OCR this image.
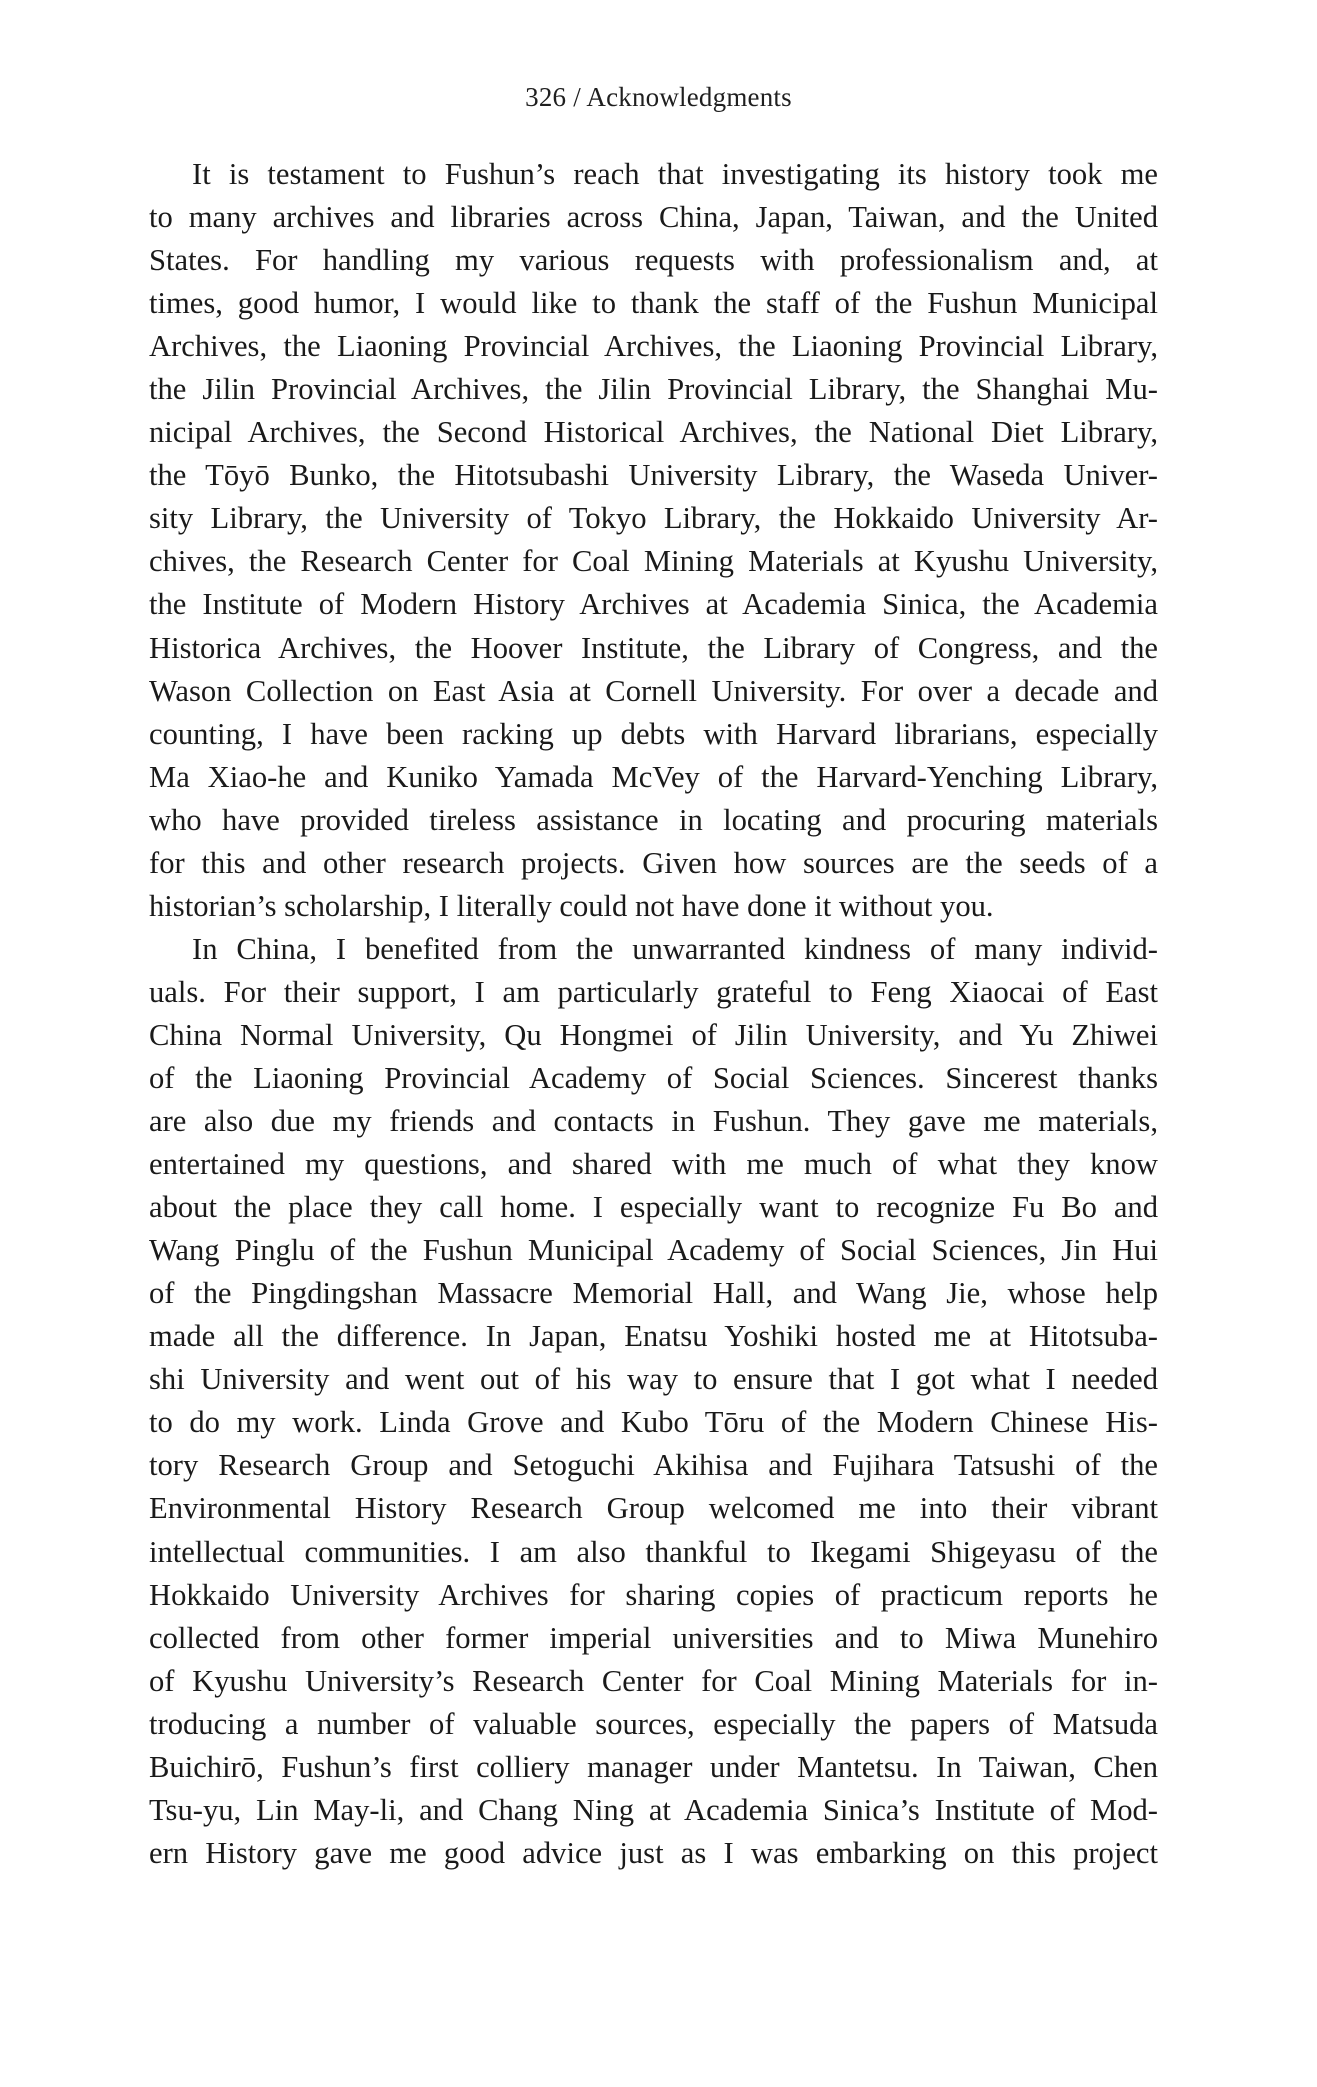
326 / Acknowledgments

It is testament to Fushun’s reach that investigating its history took me
to many archives and libraries across China, Japan, Taiwan, and the United
States. For handling my various requests with professionalism and, at
times, good humor, I would like to thank the staff of the Fushun Municipal
Archives, the Liaoning Provincial Archives, the Liaoning Provincial Library,
the Jilin Provincial Archives, the Jilin Provincial Library, the Shanghai Mu-
nicipal Archives, the Second Historical Archives, the National Diet Library,
the Tōyō Bunko, the Hitotsubashi University Library, the Waseda Univer-
sity Library, the University of Tokyo Library, the Hokkaido University Ar-
chives, the Research Center for Coal Mining Materials at Kyushu University,
the Institute of Modern History Archives at Academia Sinica, the Academia
Historica Archives, the Hoover Institute, the Library of Congress, and the
Wason Collection on East Asia at Cornell University. For over a decade and
counting, I have been racking up debts with Harvard librarians, especially
Ma Xiao-he and Kuniko Yamada McVey of the Harvard-Yenching Library,
who have provided tireless assistance in locating and procuring materials
for this and other research projects. Given how sources are the seeds of a
historian’s scholarship, I literally could not have done it without you.
In China, I benefited from the unwarranted kindness of many individ-
uals. For their support, I am particularly grateful to Feng Xiaocai of East
China Normal University, Qu Hongmei of Jilin University, and Yu Zhiwei
of the Liaoning Provincial Academy of Social Sciences. Sincerest thanks
are also due my friends and contacts in Fushun. They gave me materials,
entertained my questions, and shared with me much of what they know
about the place they call home. I especially want to recognize Fu Bo and
Wang Pinglu of the Fushun Municipal Academy of Social Sciences, Jin Hui
of the Pingdingshan Massacre Memorial Hall, and Wang Jie, whose help
made all the difference. In Japan, Enatsu Yoshiki hosted me at Hitotsuba-
shi University and went out of his way to ensure that I got what I needed
to do my work. Linda Grove and Kubo Tōru of the Modern Chinese His-
tory Research Group and Setoguchi Akihisa and Fujihara Tatsushi of the
Environmental History Research Group welcomed me into their vibrant
intellectual communities. I am also thankful to Ikegami Shigeyasu of the
Hokkaido University Archives for sharing copies of practicum reports he
collected from other former imperial universities and to Miwa Munehiro
of Kyushu University’s Research Center for Coal Mining Materials for in-
troducing a number of valuable sources, especially the papers of Matsuda
Buichirō, Fushun’s first colliery manager under Mantetsu. In Taiwan, Chen
Tsu-yu, Lin May-li, and Chang Ning at Academia Sinica’s Institute of Mod-
ern History gave me good advice just as I was embarking on this project
